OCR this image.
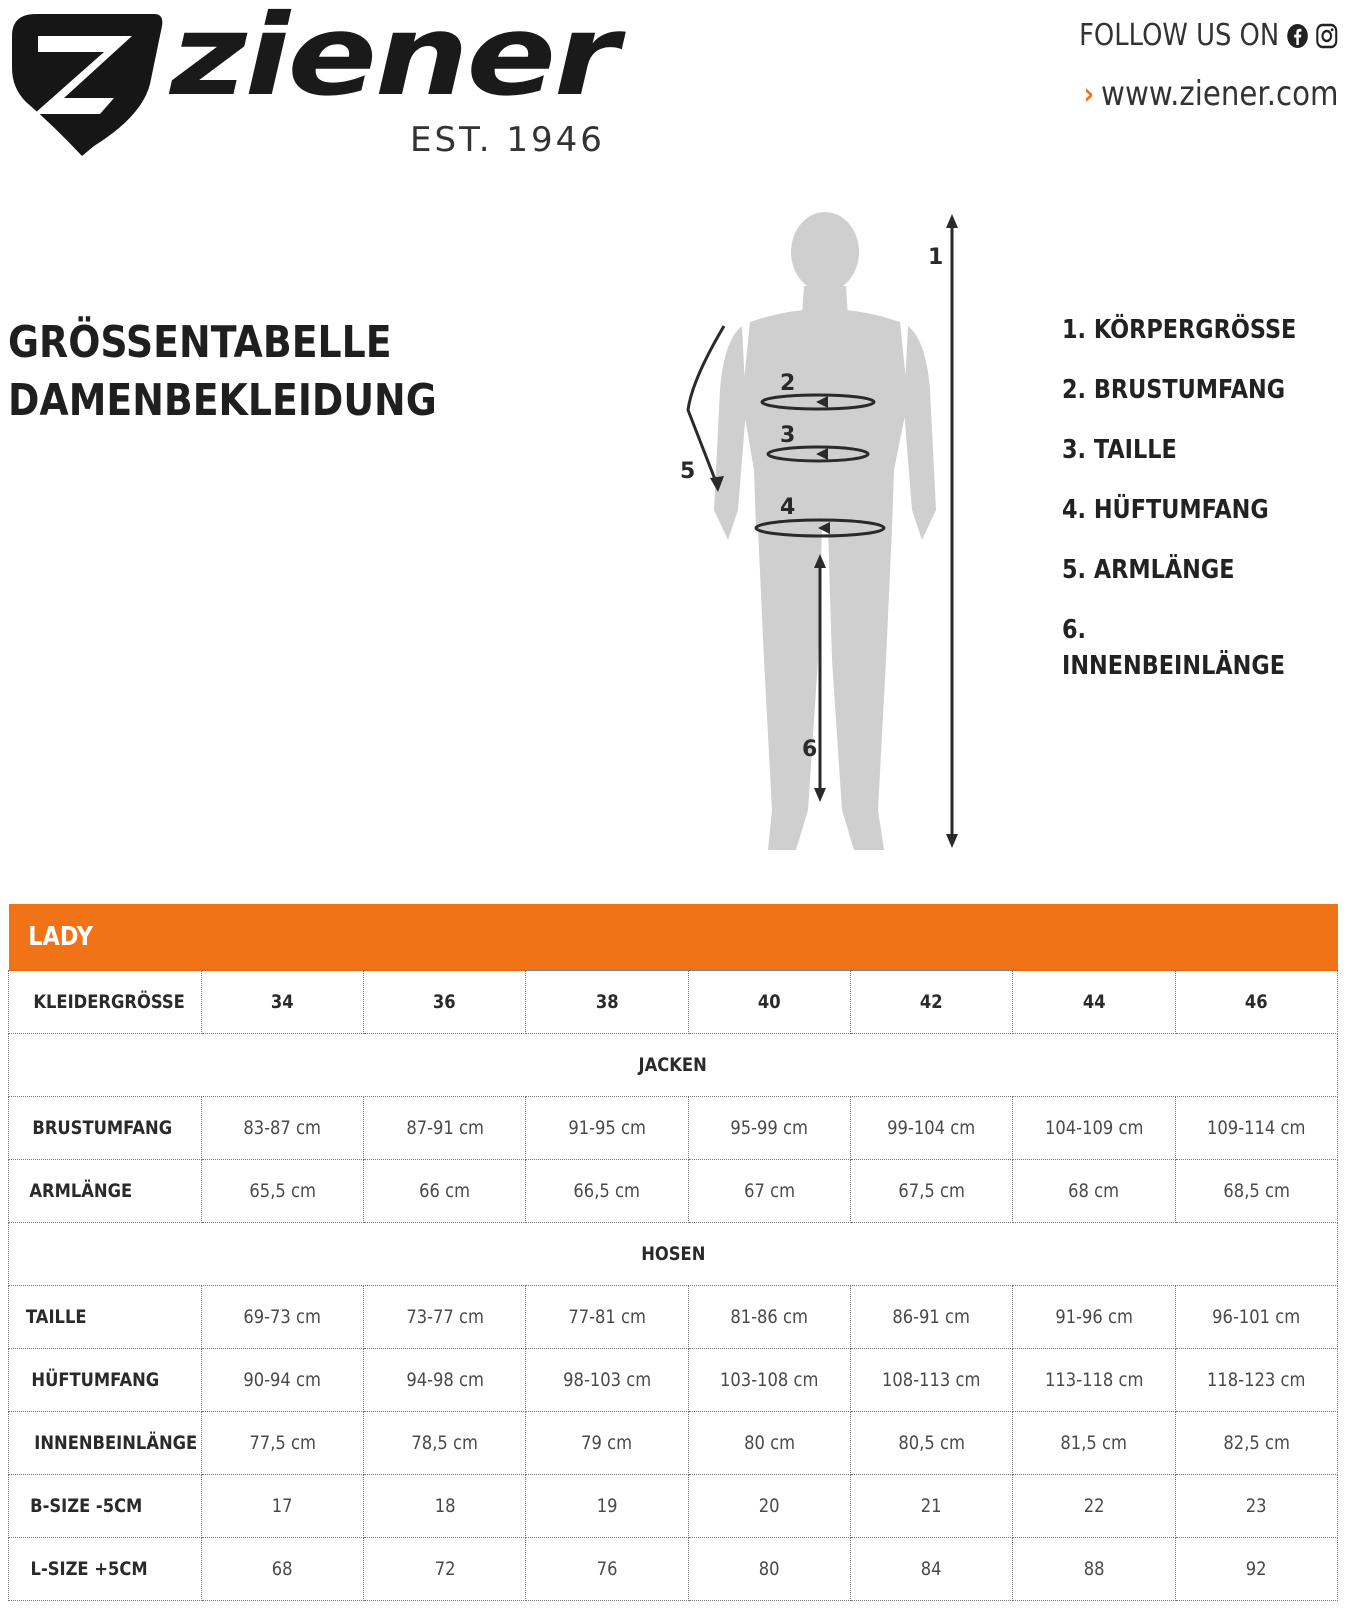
ziener
EST. 1946
FOLLOW US ON
› www.ziener.com
GRÖSSENTABELLE
DAMENBEKLEIDUNG
1
2
3
4
5
6
1. KÖRPERGRÖSSE
2. BRUSTUMFANG
3. TAILLE
4. HÜFTUMFANG
5. ARMLÄNGE
6. INNENBEINLÄNGE
LADY							
KLEIDERGRÖSSE	34	36	38	40	42	44	46
JACKEN							
BRUSTUMFANG	83-87 cm	87-91 cm	91-95 cm	95-99 cm	99-104 cm	104-109 cm	109-114 cm
ARMLÄNGE	65,5 cm	66 cm	66,5 cm	67 cm	67,5 cm	68 cm	68,5 cm
HOSEN							
TAILLE	69-73 cm	73-77 cm	77-81 cm	81-86 cm	86-91 cm	91-96 cm	96-101 cm
HÜFTUMFANG	90-94 cm	94-98 cm	98-103 cm	103-108 cm	108-113 cm	113-118 cm	118-123 cm
INNENBEINLÄNGE	77,5 cm	78,5 cm	79 cm	80 cm	80,5 cm	81,5 cm	82,5 cm
B-SIZE -5CM	17	18	19	20	21	22	23
L-SIZE +5CM	68	72	76	80	84	88	92
